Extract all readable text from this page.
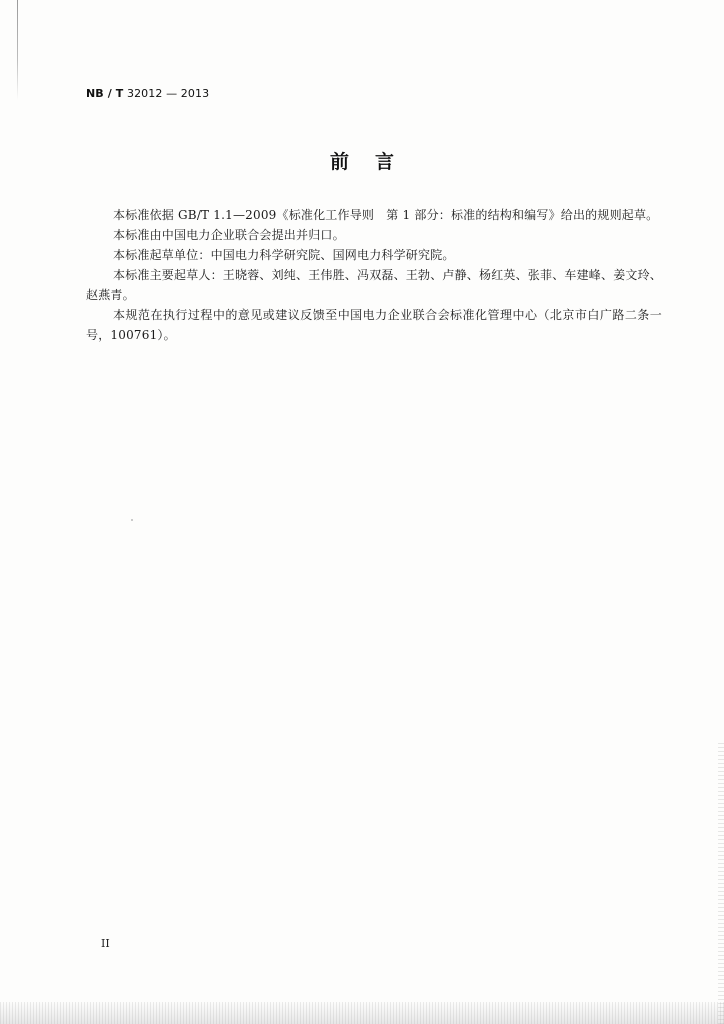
NB / T 32012 — 2013
前言

本标准依据 GB/T 1.1—2009《标准化工作导则　第 1 部分：标准的结构和编写》给出的规则起草。

本标准由中国电力企业联合会提出并归口。

本标准起草单位：中国电力科学研究院、国网电力科学研究院。

本标准主要起草人：王晓蓉、刘纯、王伟胜、冯双磊、王勃、卢静、杨红英、张菲、车建峰、姜文玲、赵燕青。

本规范在执行过程中的意见或建议反馈至中国电力企业联合会标准化管理中心（北京市白广路二条一号，100761）。

II
